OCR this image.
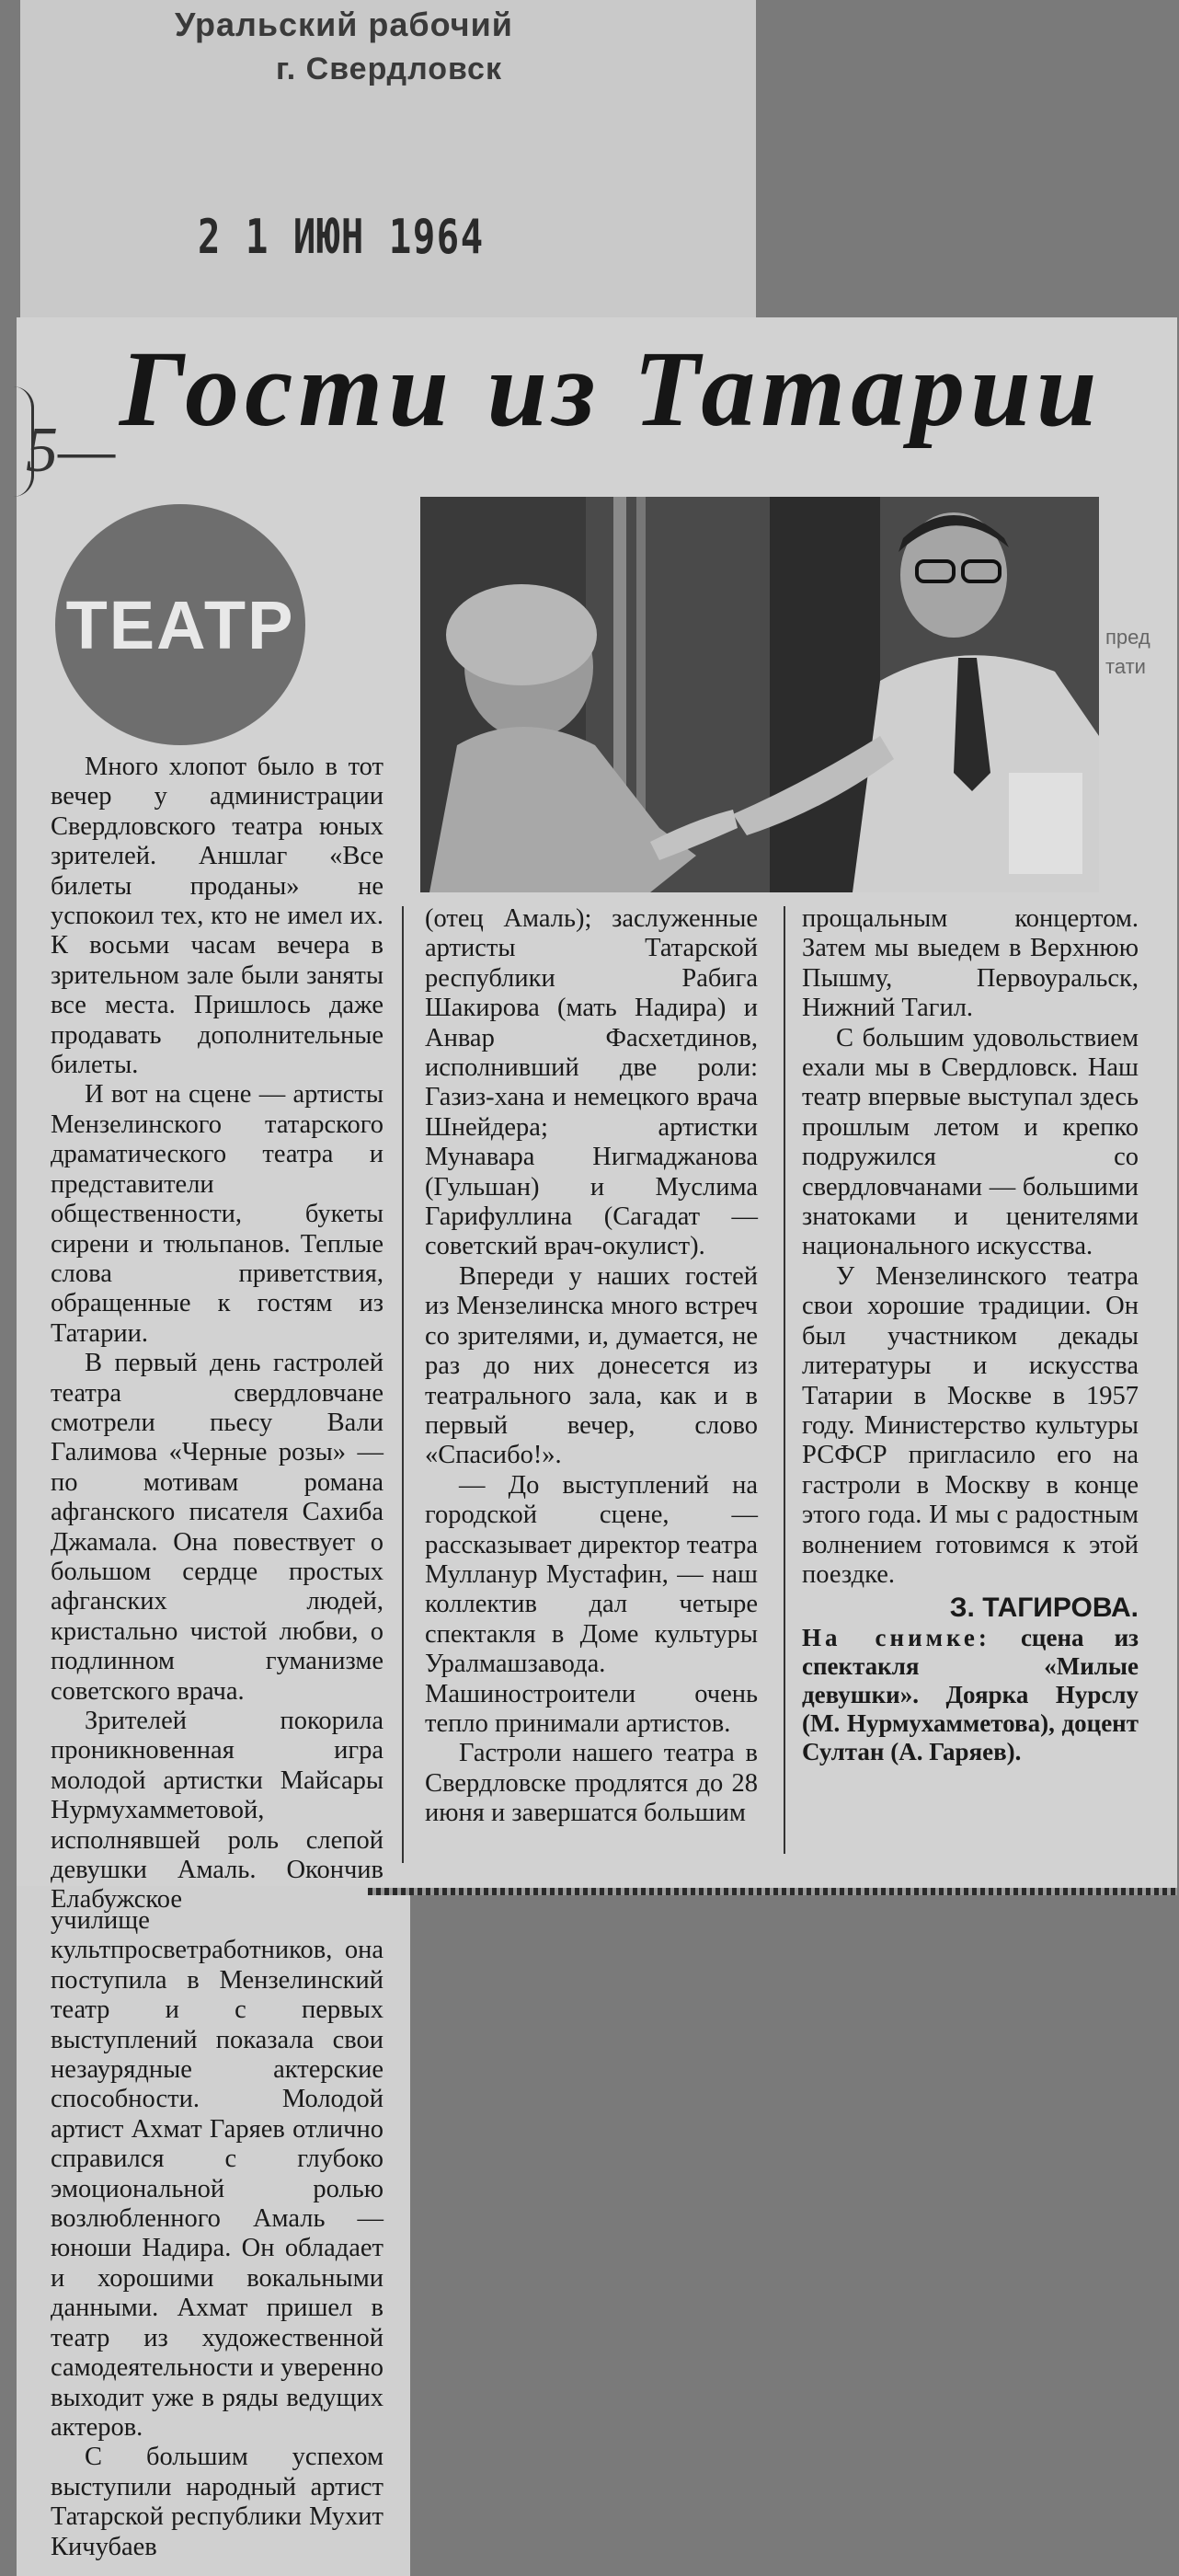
Уральский рабочий
г. Свердловск
2 1 ИЮН 1964
5—
Гости из Татарии
ТЕАТР	пред
тати

Много хлопот было в тот вечер у администрации Свердловского театра юных зрителей. Аншлаг «Все билеты проданы» не успокоил тех, кто не имел их. К восьми часам вечера в зрительном зале были заняты все места. Пришлось даже продавать дополнительные билеты.

И вот на сцене — артисты Мензелинского татарского драматического театра и представители общественности, букеты сирени и тюльпанов. Теплые слова приветствия, обращенные к гостям из Татарии.

В первый день гастролей театра свердловчане смотрели пьесу Вали Галимова «Черные розы» — по мотивам романа афганского писателя Сахиба Джамала. Она повествует о большом сердце простых афганских людей, кристально чистой любви, о подлинном гуманизме советского врача.

Зрителей покорила проникновенная игра молодой артистки Майсары Нурмухамметовой, исполнявшей роль слепой девушки Амаль. Окончив Елабужское

училище культпросветработников, она поступила в Мензелинский театр и с первых выступлений показала свои незаурядные актерские способности. Молодой артист Ахмат Гаряев отлично справился с глубоко эмоциональной ролью возлюбленного Амаль — юноши Надира. Он обладает и хорошими вокальными данными. Ахмат пришел в театр из художественной самодеятельности и уверенно выходит уже в ряды ведущих актеров.

С большим успехом выступили народный артист Татарской республики Мухит Кичубаев

(отец Амаль); заслуженные артисты Татарской республики Рабига Шакирова (мать Надира) и Анвар Фасхетдинов, исполнивший две роли: Газиз-хана и немецкого врача Шнейдера; артистки Мунавара Нигмаджанова (Гульшан) и Муслима Гарифуллина (Сагадат — советский врач-окулист).

Впереди у наших гостей из Мензелинска много встреч со зрителями, и, думается, не раз до них донесется из театрального зала, как и в первый вечер, слово «Спасибо!».

— До выступлений на городской сцене, — рассказывает директор театра Муллануp Мустафин, — наш коллектив дал четыре спектакля в Доме культуры Уралмашзавода. Машиностроители очень тепло принимали артистов.

Гастроли нашего театра в Свердловске продлятся до 28 июня и завершатся большим

прощальным концертом. Затем мы выедем в Верхнюю Пышму, Первоуральск, Нижний Тагил.

С большим удовольствием ехали мы в Свердловск. Наш театр впервые выступал здесь прошлым летом и крепко подружился со свердловчанами — большими знатоками и ценителями национального искусства.

У Мензелинского театра свои хорошие традиции. Он был участником декады литературы и искусства Татарии в Москве в 1957 году. Министерство культуры РСФСР пригласило его на гастроли в Москву в конце этого года. И мы с радостным волнением готовимся к этой поездке.

З. ТАГИРОВА.

На снимке: сцена из спектакля «Милые девушки». Доярка Нурслу (М. Нурмухамметова), доцент Султан (А. Гаряев).
